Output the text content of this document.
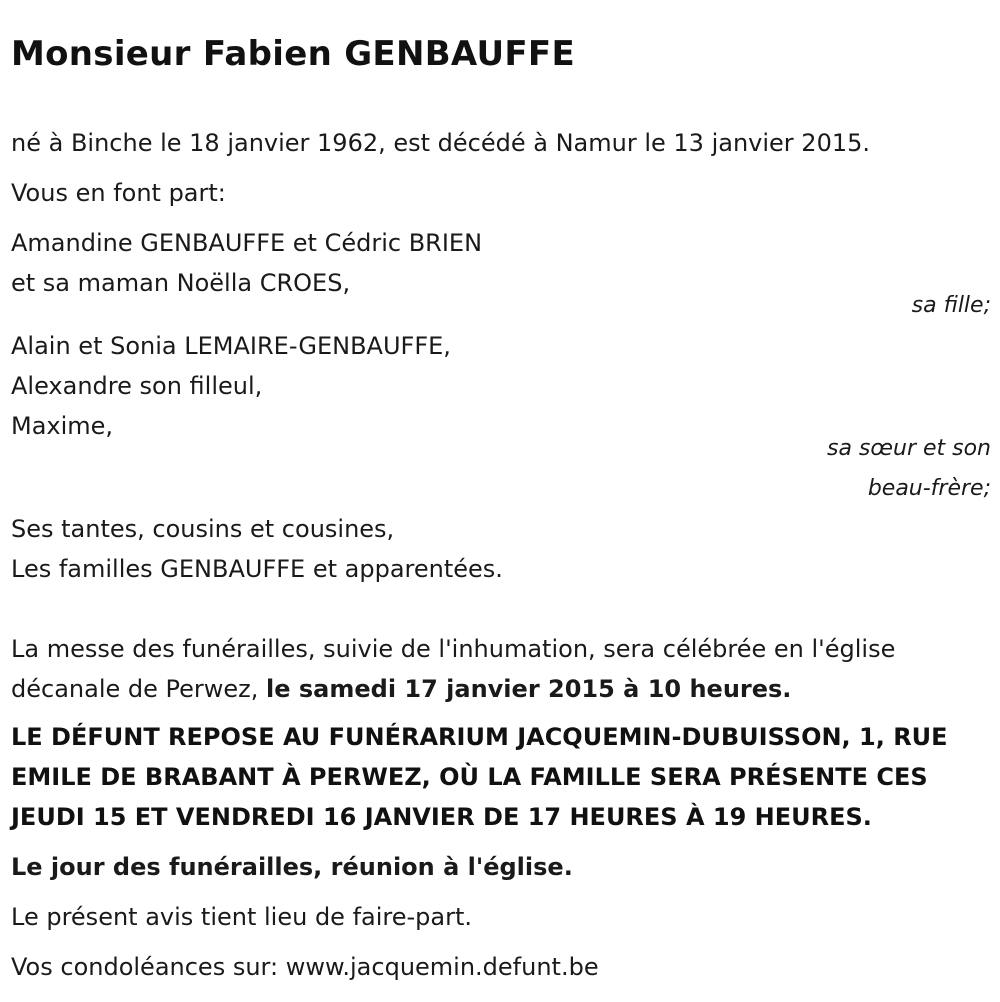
Monsieur Fabien GENBAUFFE
né à Binche le 18 janvier 1962, est décédé à Namur le 13 janvier 2015.
Vous en font part:
Amandine GENBAUFFE et Cédric BRIEN
et sa maman Noëlla CROES,
sa fille;
Alain et Sonia LEMAIRE-GENBAUFFE,
Alexandre son filleul,
Maxime,
sa sœur et son
beau-frère;
Ses tantes, cousins et cousines,
Les familles GENBAUFFE et apparentées.
La messe des funérailles, suivie de l'inhumation, sera célébrée en l'église
décanale de Perwez, le samedi 17 janvier 2015 à 10 heures.
LE DÉFUNT REPOSE AU FUNÉRARIUM JACQUEMIN-DUBUISSON, 1, RUE
EMILE DE BRABANT À PERWEZ, OÙ LA FAMILLE SERA PRÉSENTE CES
JEUDI 15 ET VENDREDI 16 JANVIER DE 17 HEURES À 19 HEURES.
Le jour des funérailles, réunion à l'église.
Le présent avis tient lieu de faire-part.
Vos condoléances sur: www.jacquemin.defunt.be
